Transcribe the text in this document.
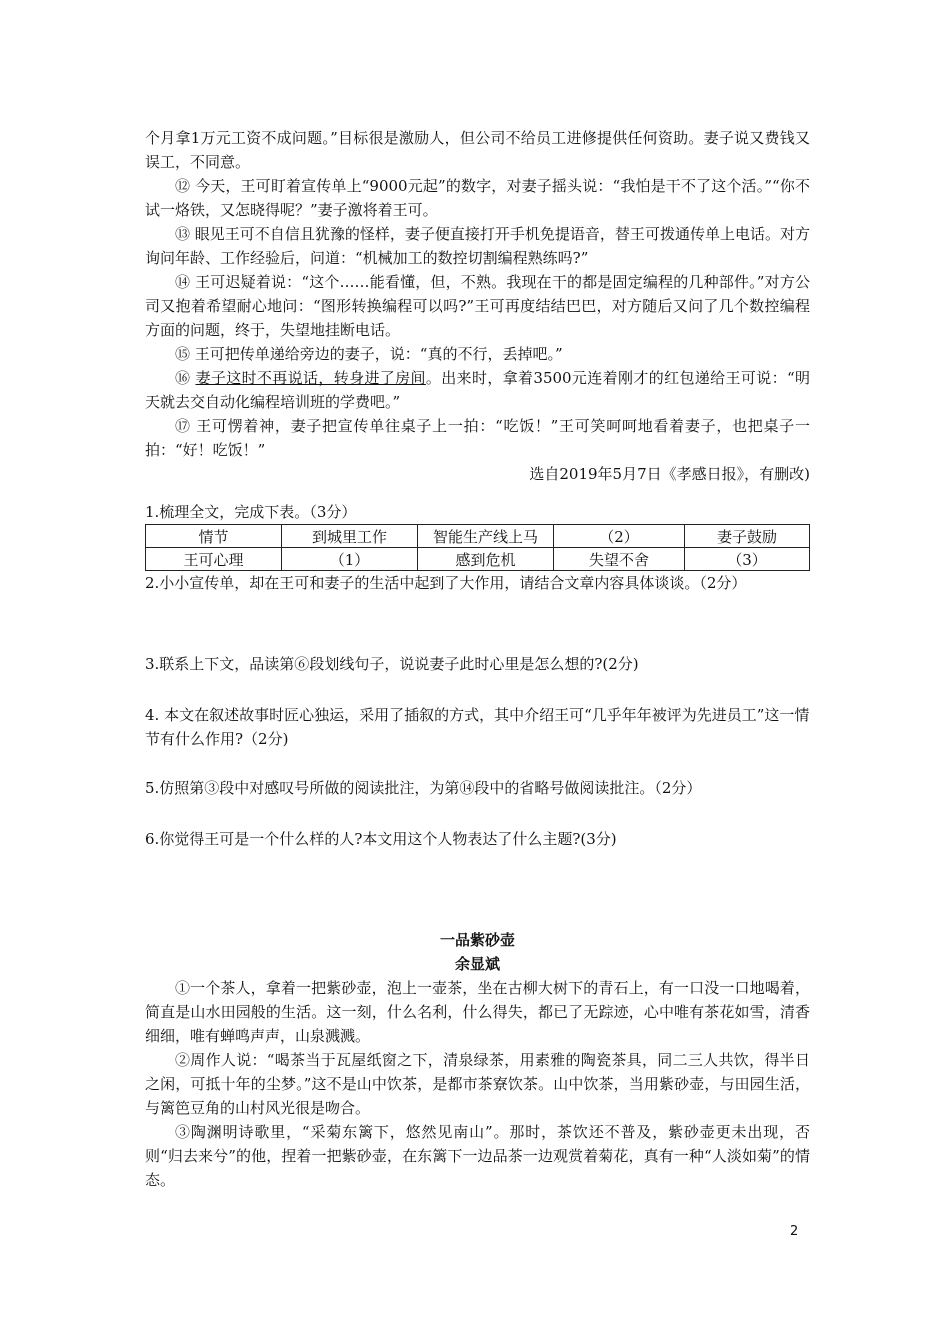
个月拿1万元工资不成问题。”目标很是激励人，但公司不给员工进修提供任何资助。妻子说又费钱又误工，不同意。

⑫ 今天，王可盯着宣传单上“9000元起”的数字，对妻子摇头说：“我怕是干不了这个活。”“你不试一烙铁，又怎晓得呢？”妻子激将着王可。

⑬ 眼见王可不自信且犹豫的怪样，妻子便直接打开手机免提语音，替王可拨通传单上电话。对方询问年龄、工作经验后，问道：“机械加工的数控切割编程熟练吗?”

⑭ 王可迟疑着说：“这个……能看懂，但，不熟。我现在干的都是固定编程的几种部件。”对方公司又抱着希望耐心地问：“图形转换编程可以吗?”王可再度结结巴巴，对方随后又问了几个数控编程方面的问题，终于，失望地挂断电话。

⑮ 王可把传单递给旁边的妻子，说：“真的不行，丢掉吧。”

⑯ 妻子这时不再说话，转身进了房间。出来时，拿着3500元连着刚才的红包递给王可说：“明天就去交自动化编程培训班的学费吧。”

⑰ 王可愣着神，妻子把宣传单往桌子上一拍：“吃饭！”王可笑呵呵地看着妻子，也把桌子一拍：“好！吃饭！”

选自2019年5月7日《孝感日报》，有删改)

1.梳理全文，完成下表。（3分）

情节	到城里工作	智能生产线上马	（2）	妻子鼓励
王可心理	（1）	感到危机	失望不舍	（3）

2.小小宣传单，却在王可和妻子的生活中起到了大作用，请结合文章内容具体谈谈。（2分）

3.联系上下文，品读第⑥段划线句子，说说妻子此时心里是怎么想的?(2分)

4. 本文在叙述故事时匠心独运，采用了插叙的方式，其中介绍王可“几乎年年被评为先进员工”这一情节有什么作用?（2分)

5.仿照第③段中对感叹号所做的阅读批注，为第⑭段中的省略号做阅读批注。（2分）

6.你觉得王可是一个什么样的人?本文用这个人物表达了什么主题?(3分)

一品紫砂壶

余显斌

①一个茶人，拿着一把紫砂壶，泡上一壶茶，坐在古柳大树下的青石上，有一口没一口地喝着，简直是山水田园般的生活。这一刻，什么名利，什么得失，都已了无踪迹，心中唯有茶花如雪，清香细细，唯有蝉鸣声声，山泉溅溅。

②周作人说：“喝茶当于瓦屋纸窗之下，清泉绿茶，用素雅的陶瓷茶具，同二三人共饮，得半日之闲，可抵十年的尘梦。”这不是山中饮茶，是都市茶寮饮茶。山中饮茶，当用紫砂壶，与田园生活，与篱笆豆角的山村风光很是吻合。

③陶渊明诗歌里，“采菊东篱下，悠然见南山”。那时，茶饮还不普及，紫砂壶更未出现，否则“归去来兮”的他，捏着一把紫砂壶，在东篱下一边品茶一边观赏着菊花，真有一种“人淡如菊”的情态。

2
